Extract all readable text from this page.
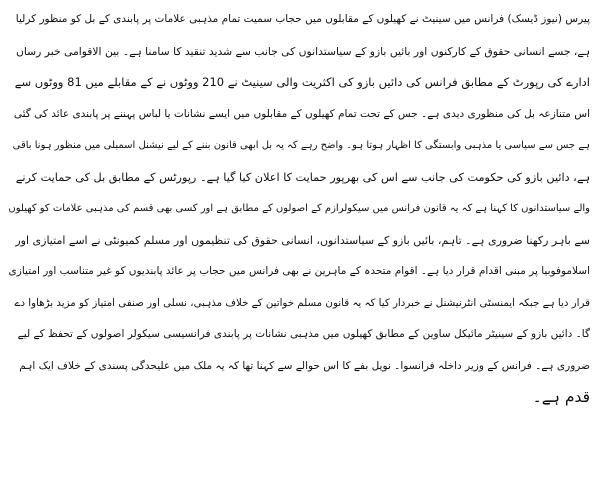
پیرس (نیوز ڈیسک) فرانس میں سینیٹ نے کھیلوں کے مقابلوں میں حجاب سمیت تمام مذہبی علامات پر پابندی کے بل کو منظور کرلیا
ہے، جسے انسانی حقوق کے کارکنوں اور بائیں بازو کے سیاستدانوں کی جانب سے شدید تنقید کا سامنا ہے۔ بین الاقوامی خبر رساں
ادارے کی رپورٹ کے مطابق فرانس کی دائیں بازو کی اکثریت والی سینیٹ نے 210 ووٹوں نے کے مقابلے میں 81 ووٹوں سے
اس متنازعہ بل کی منظوری دیدی ہے۔ جس کے تحت تمام کھیلوں کے مقابلوں میں ایسے نشانات یا لباس پہننے پر پابندی عائد کی گئی
ہے جس سے سیاسی یا مذہبی وابستگی کا اظہار ہوتا ہو۔ واضح رہے کہ یہ بل ابھی قانون بننے کے لیے نیشنل اسمبلی میں منظور ہونا باقی
ہے، دائیں بازو کی حکومت کی جانب سے اس کی بھرپور حمایت کا اعلان کیا گیا ہے۔ رپورٹس کے مطابق بل کی حمایت کرنے
والے سیاستدانوں کا کہنا ہے کہ یہ قانون فرانس میں سیکولرازم کے اصولوں کے مطابق ہے اور کسی بھی قسم کی مذہبی علامات کو کھیلوں
سے باہر رکھنا ضروری ہے۔ تاہم، بائیں بازو کے سیاستدانوں، انسانی حقوق کی تنظیموں اور مسلم کمیونٹی نے اسے امتیازی اور
اسلاموفوبیا پر مبنی اقدام قرار دیا ہے۔ اقوام متحدہ کے ماہرین نے بھی فرانس میں حجاب پر عائد پابندیوں کو غیر متناسب اور امتیازی
قرار دیا ہے جبکہ ایمنسٹی انٹرنیشنل نے خبردار کیا کہ یہ قانون مسلم خواتین کے خلاف مذہبی، نسلی اور صنفی امتیاز کو مزید بڑھاوا دے
گا۔ دائیں بازو کے سینیٹر مائیکل ساوین کے مطابق کھیلوں میں مذہبی نشانات پر پابندی فرانسیسی سیکولر اصولوں کے تحفظ کے لیے
ضروری ہے۔ فرانس کے وزیر داخلہ فرانسوا۔ نویل بفے کا اس حوالے سے کہنا تھا کہ یہ ملک میں علیحدگی پسندی کے خلاف ایک اہم
قدم ہے۔
